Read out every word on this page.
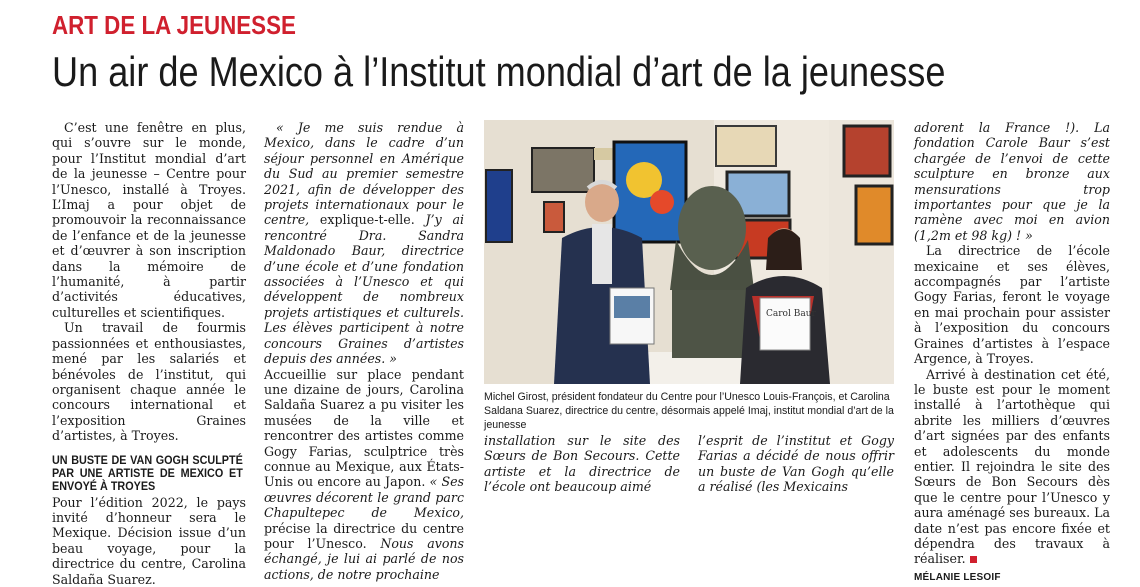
ART DE LA JEUNESSE
Un air de Mexico à l’Institut mondial d’art de la jeunesse

C’est une fenêtre en plus, qui s’ouvre sur le monde, pour l’Institut mondial d’art de la jeunesse – Centre pour l’Unesco, installé à Troyes. L’Imaj a pour objet de promouvoir la reconnaissance de l’enfance et de la jeunesse et d’œuvrer à son inscription dans la mémoire de l’humanité, à partir d’activités éducatives, culturelles et scientifiques.

Un travail de fourmis passionnées et enthousiastes, mené par les salariés et bénévoles de l’institut, qui organisent chaque année le concours international et l’exposition Graines d’artistes, à Troyes.

UN BUSTE DE VAN GOGH SCULPTÉ PAR UNE ARTISTE DE MEXICO ET ENVOYÉ À TROYES

Pour l’édition 2022, le pays invité d’honneur sera le Mexique. Décision issue d’un beau voyage, pour la directrice du centre, Carolina Saldaña Suarez.

« Je me suis rendue à Mexico, dans le cadre d’un séjour personnel en Amérique du Sud au premier semestre 2021, afin de développer des projets internationaux pour le centre, explique-t-elle. J’y ai rencontré Dra. Sandra Maldonado Baur, directrice d’une école et d’une fondation associées à l’Unesco et qui développent de nombreux projets artistiques et culturels. Les élèves participent à notre concours Graines d’artistes depuis des années. »

Accueillie sur place pendant une dizaine de jours, Carolina Saldaña Suarez a pu visiter les musées de la ville et rencontrer des artistes comme Gogy Farias, sculptrice très connue au Mexique, aux États-Unis ou encore au Japon. « Ses œuvres décorent le grand parc Chapultepec de Mexico, précise la directrice du centre pour l’Unesco. Nous avons échangé, je lui ai parlé de nos actions, de notre prochaine

Carol Baur
Michel Girost, président fondateur du Centre pour l’Unesco Louis-François, et Carolina Saldana Suarez, directrice du centre, désormais appelé Imaj, institut mondial d’art de la jeunesse
installation sur le site des Sœurs de Bon Secours. Cette artiste et la directrice de l’école ont beaucoup aimé
l’esprit de l’institut et Gogy Farias a décidé de nous offrir un buste de Van Gogh qu’elle a réalisé (les Mexicains

adorent la France !). La fondation Carole Baur s’est chargée de l’envoi de cette sculpture en bronze aux mensurations trop importantes pour que je la ramène avec moi en avion (1,2m et 98 kg) ! »

La directrice de l’école mexicaine et ses élèves, accompagnés par l’artiste Gogy Farias, feront le voyage en mai prochain pour assister à l’exposition du concours Graines d’artistes à l’espace Argence, à Troyes.

Arrivé à destination cet été, le buste est pour le moment installé à l’artothèque qui abrite les milliers d’œuvres d’art signées par des enfants et adolescents du monde entier. Il rejoindra le site des Sœurs de Bon Secours dès que le centre pour l’Unesco y aura aménagé ses bureaux. La date n’est pas encore fixée et dépendra des travaux à réaliser.

MÉLANIE LESOIF
